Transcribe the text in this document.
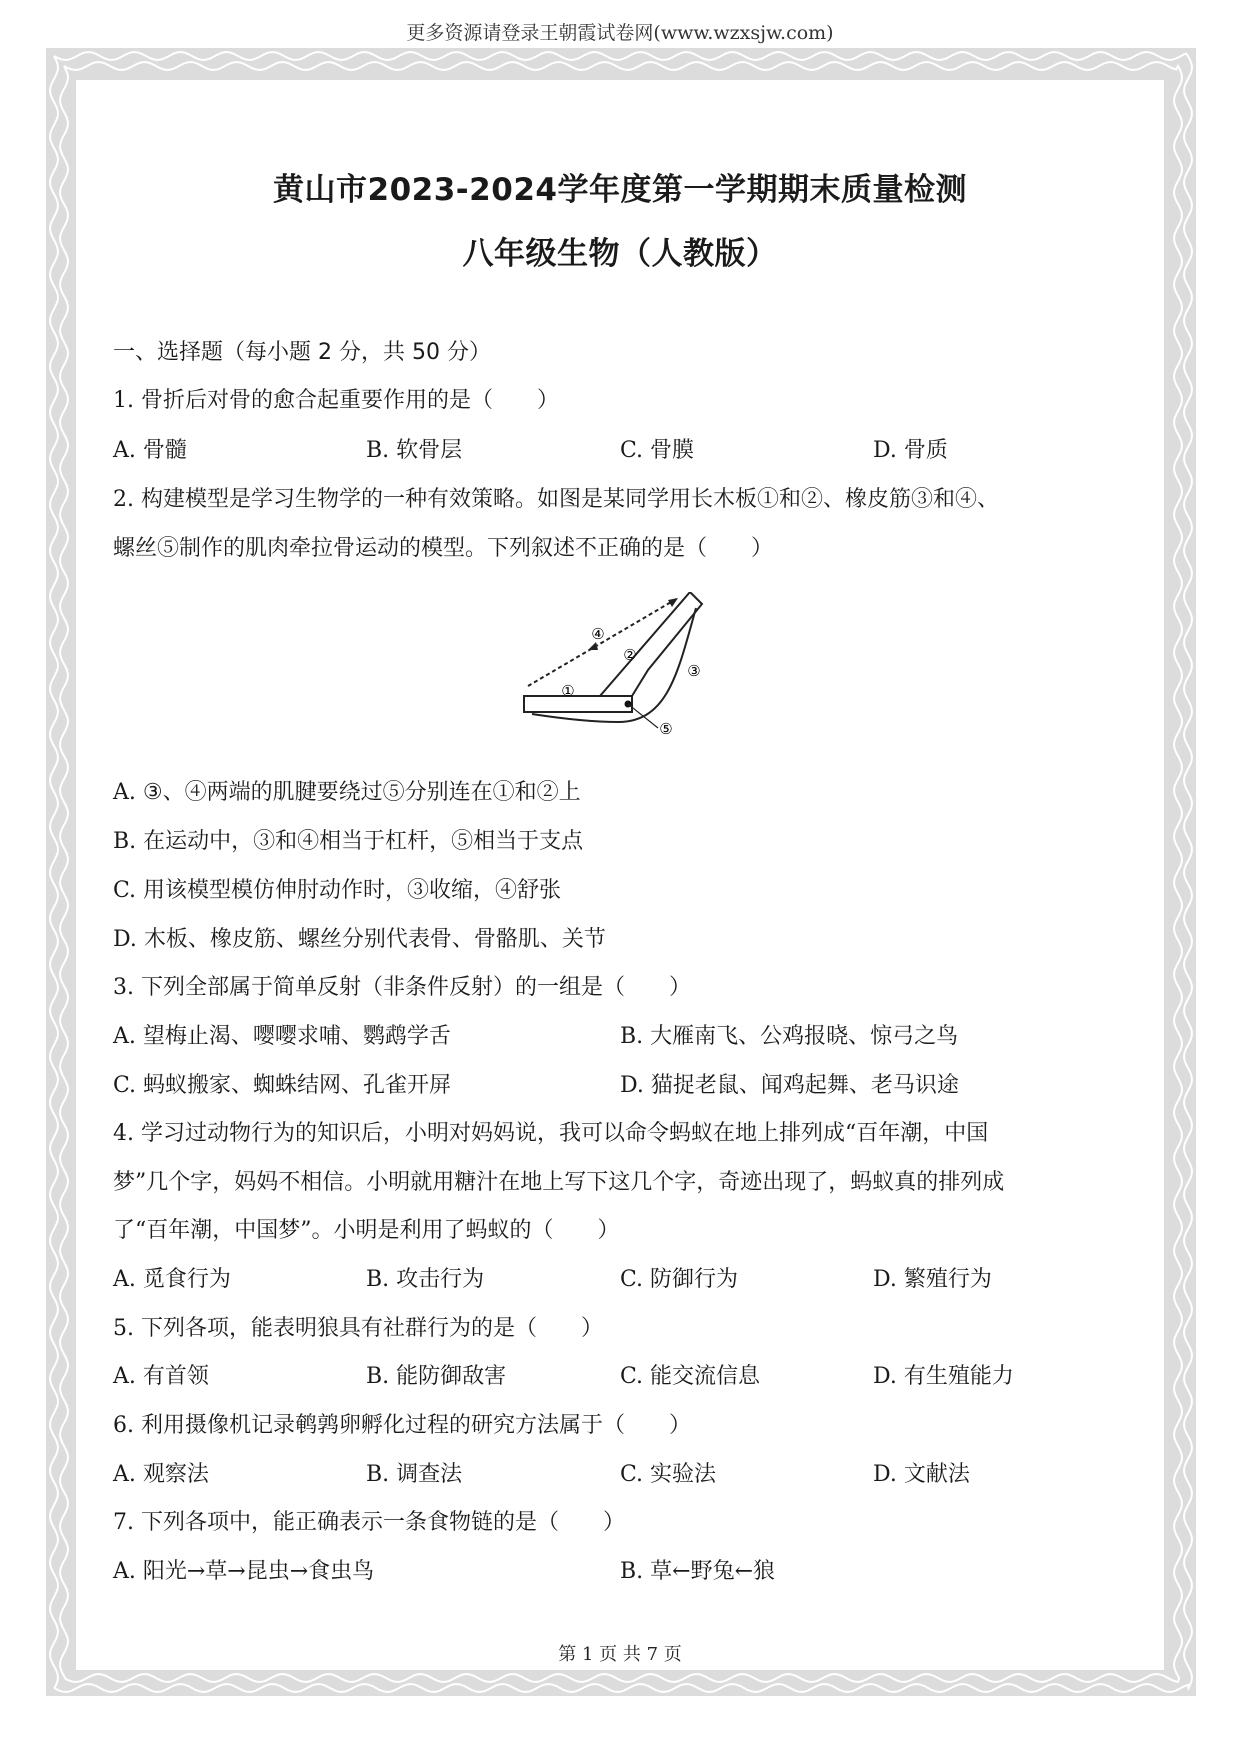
更多资源请登录王朝霞试卷网(www.wzxsjw.com)
黄山市2023-2024学年度第一学期期末质量检测
八年级生物（人教版）
一、选择题（每小题 2 分，共 50 分）
1. 骨折后对骨的愈合起重要作用的是（　　）
A. 骨髓	B. 软骨层	C. 骨膜	D. 骨质
2. 构建模型是学习生物学的一种有效策略。如图是某同学用长木板①和②、橡皮筋③和④、
螺丝⑤制作的肌肉牵拉骨运动的模型。下列叙述不正确的是（　　）
①
②
③
④
⑤
A. ③、④两端的肌腱要绕过⑤分别连在①和②上
B. 在运动中，③和④相当于杠杆，⑤相当于支点
C. 用该模型模仿伸肘动作时，③收缩，④舒张
D. 木板、橡皮筋、螺丝分别代表骨、骨骼肌、关节
3. 下列全部属于简单反射（非条件反射）的一组是（　　）
A. 望梅止渴、嘤嘤求哺、鹦鹉学舌	B. 大雁南飞、公鸡报晓、惊弓之鸟
C. 蚂蚁搬家、蜘蛛结网、孔雀开屏	D. 猫捉老鼠、闻鸡起舞、老马识途
4. 学习过动物行为的知识后，小明对妈妈说，我可以命令蚂蚁在地上排列成“百年潮，中国
梦”几个字，妈妈不相信。小明就用糖汁在地上写下这几个字，奇迹出现了，蚂蚁真的排列成
了“百年潮，中国梦”。小明是利用了蚂蚁的（　　）
A. 觅食行为	B. 攻击行为	C. 防御行为	D. 繁殖行为
5. 下列各项，能表明狼具有社群行为的是（　　）
A. 有首领	B. 能防御敌害	C. 能交流信息	D. 有生殖能力
6. 利用摄像机记录鹌鹑卵孵化过程的研究方法属于（　　）
A. 观察法	B. 调查法	C. 实验法	D. 文献法
7. 下列各项中，能正确表示一条食物链的是（　　）
A. 阳光→草→昆虫→食虫鸟	B. 草←野兔←狼
第 1 页 共 7 页
